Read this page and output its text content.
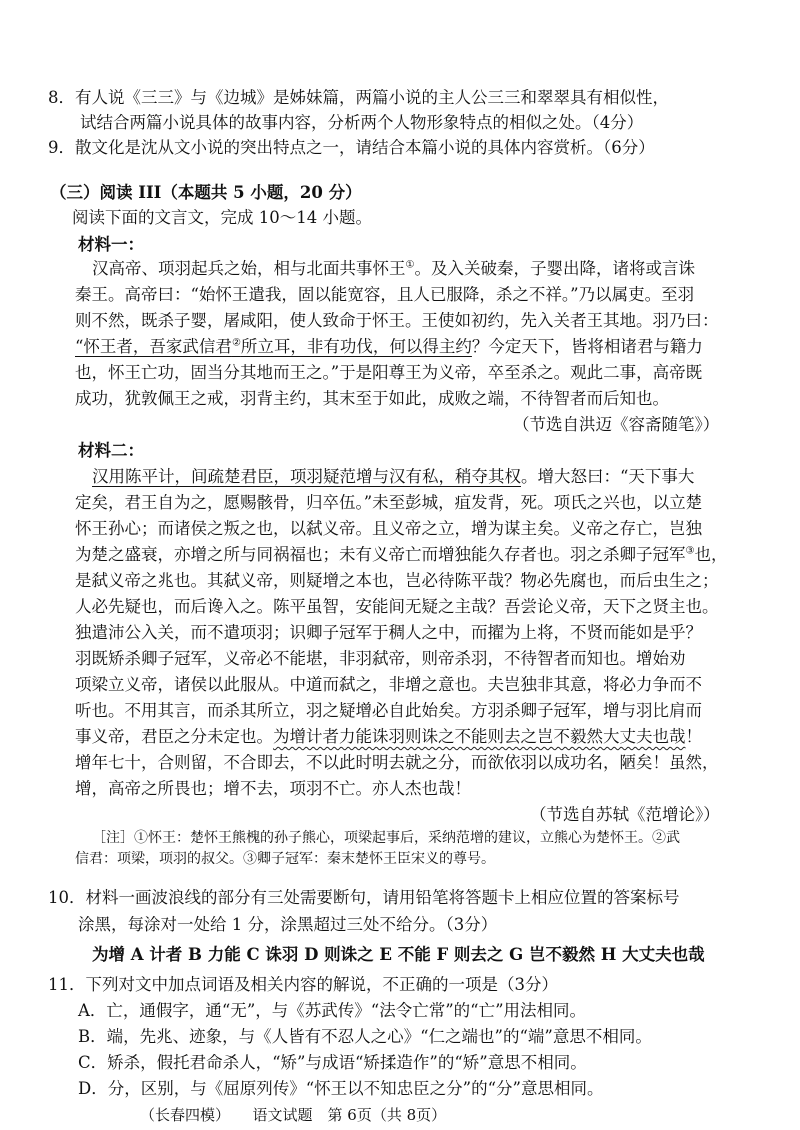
8．有人说《三三》与《边城》是姊妹篇，两篇小说的主人公三三和翠翠具有相似性，
试结合两篇小说具体的故事内容，分析两个人物形象特点的相似之处。（4分）
9．散文化是沈从文小说的突出特点之一，请结合本篇小说的具体内容赏析。（6分）
（三）阅读 III（本题共 5 小题，20 分）
阅读下面的文言文，完成 10～14 小题。
材料一：
汉高帝、项羽起兵之始，相与北面共事怀王①。及入关破秦，子婴出降，诸将或言诛
秦王。高帝曰：“始怀王遣我，固以能宽容，且人已服降，杀之不祥。”乃以属吏。至羽
则不然，既杀子婴，屠咸阳，使人致命于怀王。王使如初约，先入关者王其地。羽乃曰：
“怀王者，吾家武信君②所立耳，非有功伐，何以得主约？今定天下，皆将相诸君与籍力
也，怀王亡功，固当分其地而王之。”于是阳尊王为义帝，卒至杀之。观此二事，高帝既
成功，犹敦佩王之戒，羽背主约，其末至于如此，成败之端，不待智者而后知也。
（节选自洪迈《容斋随笔》）
材料二：
汉用陈平计，间疏楚君臣，项羽疑范增与汉有私，稍夺其权。增大怒曰：“天下事大
定矣，君王自为之，愿赐骸骨，归卒伍。”未至彭城，疽发背，死。项氏之兴也，以立楚
怀王孙心；而诸侯之叛之也，以弑义帝。且义帝之立，增为谋主矣。义帝之存亡，岂独
为楚之盛衰，亦增之所与同祸福也；未有义帝亡而增独能久存者也。羽之杀卿子冠军③也，
是弑义帝之兆也。其弑义帝，则疑增之本也，岂必待陈平哉？物必先腐也，而后虫生之；
人必先疑也，而后谗入之。陈平虽智，安能间无疑之主哉？吾尝论义帝，天下之贤主也。
独遣沛公入关，而不遣项羽；识卿子冠军于稠人之中，而擢为上将，不贤而能如是乎？
羽既矫杀卿子冠军，义帝必不能堪，非羽弑帝，则帝杀羽，不待智者而知也。增始劝
项梁立义帝，诸侯以此服从。中道而弑之，非增之意也。夫岂独非其意，将必力争而不
听也。不用其言，而杀其所立，羽之疑增必自此始矣。方羽杀卿子冠军，增与羽比肩而
事义帝，君臣之分未定也。为增计者力能诛羽则诛之不能则去之岂不毅然大丈夫也哉！
增年七十，合则留，不合即去，不以此时明去就之分，而欲依羽以成功名，陋矣！虽然，
增，高帝之所畏也；增不去，项羽不亡。亦人杰也哉！
（节选自苏轼《范增论》）
［注］①怀王：楚怀王熊槐的孙子熊心，项梁起事后，采纳范增的建议，立熊心为楚怀王。②武
信君：项梁，项羽的叔父。③卿子冠军：秦末楚怀王臣宋义的尊号。
10．材料一画波浪线的部分有三处需要断句，请用铅笔将答题卡上相应位置的答案标号
涂黑，每涂对一处给 1 分，涂黑超过三处不给分。（3分）
为增 A 计者 B 力能 C 诛羽 D 则诛之 E 不能 F 则去之 G 岂不毅然 H 大丈夫也哉
11．下列对文中加点词语及相关内容的解说，不正确的一项是（3分）
A．亡，通假字，通“无”，与《苏武传》“法令亡常”的“亡”用法相同。
B．端，先兆、迹象，与《人皆有不忍人之心》“仁之端也”的“端”意思不相同。
C．矫杀，假托君命杀人，“矫”与成语“矫揉造作”的“矫”意思不相同。
D．分，区别，与《屈原列传》“怀王以不知忠臣之分”的“分”意思相同。
（长春四模）　　语文试题　第 6页（共 8页）
